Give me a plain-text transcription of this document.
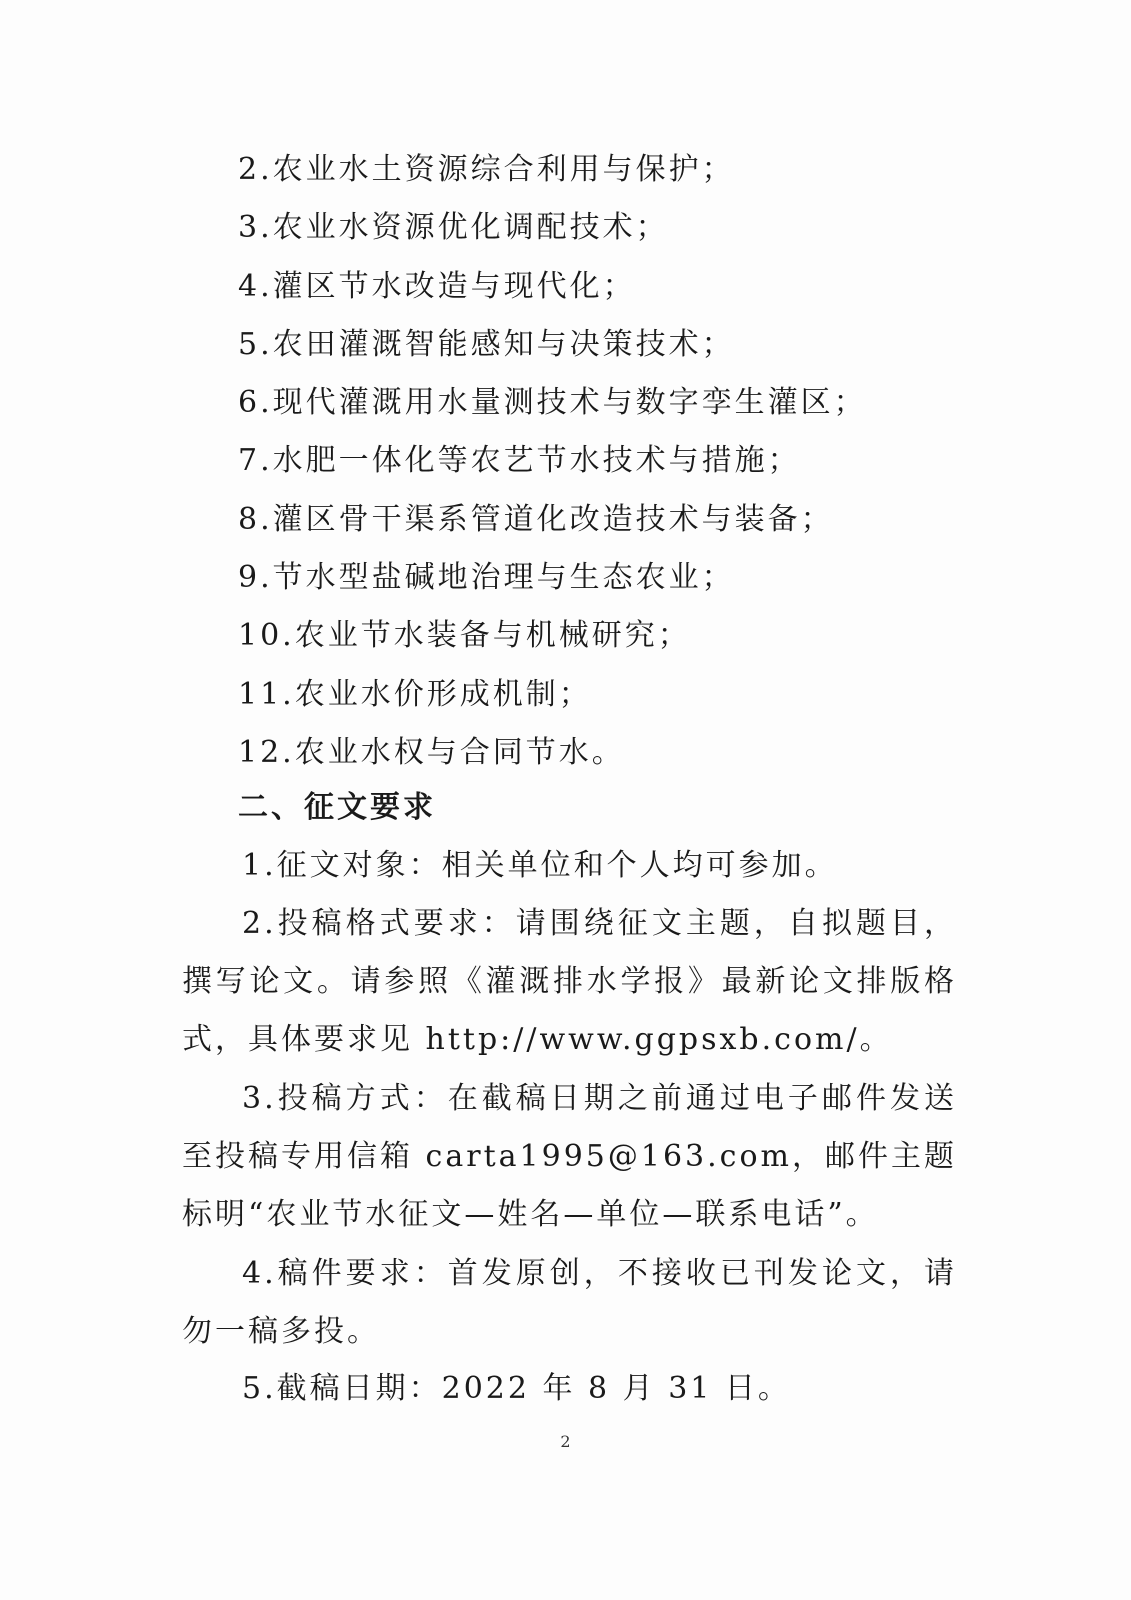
2.农业水土资源综合利用与保护；
3.农业水资源优化调配技术；
4.灌区节水改造与现代化；
5.农田灌溉智能感知与决策技术；
6.现代灌溉用水量测技术与数字孪生灌区；
7.水肥一体化等农艺节水技术与措施；
8.灌区骨干渠系管道化改造技术与装备；
9.节水型盐碱地治理与生态农业；
10.农业节水装备与机械研究；
11.农业水价形成机制；
12.农业水权与合同节水。
二、征文要求

1.征文对象：相关单位和个人均可参加。

2.投稿格式要求：请围绕征文主题，自拟题目，撰写论文。请参照《灌溉排水学报》最新论文排版格式，具体要求见 http://www.ggpsxb.com/。

3.投稿方式：在截稿日期之前通过电子邮件发送至投稿专用信箱 carta1995@163.com，邮件主题标明“农业节水征文—姓名—单位—联系电话”。

4.稿件要求：首发原创，不接收已刊发论文，请勿一稿多投。

5.截稿日期：2022 年 8 月 31 日。

2
